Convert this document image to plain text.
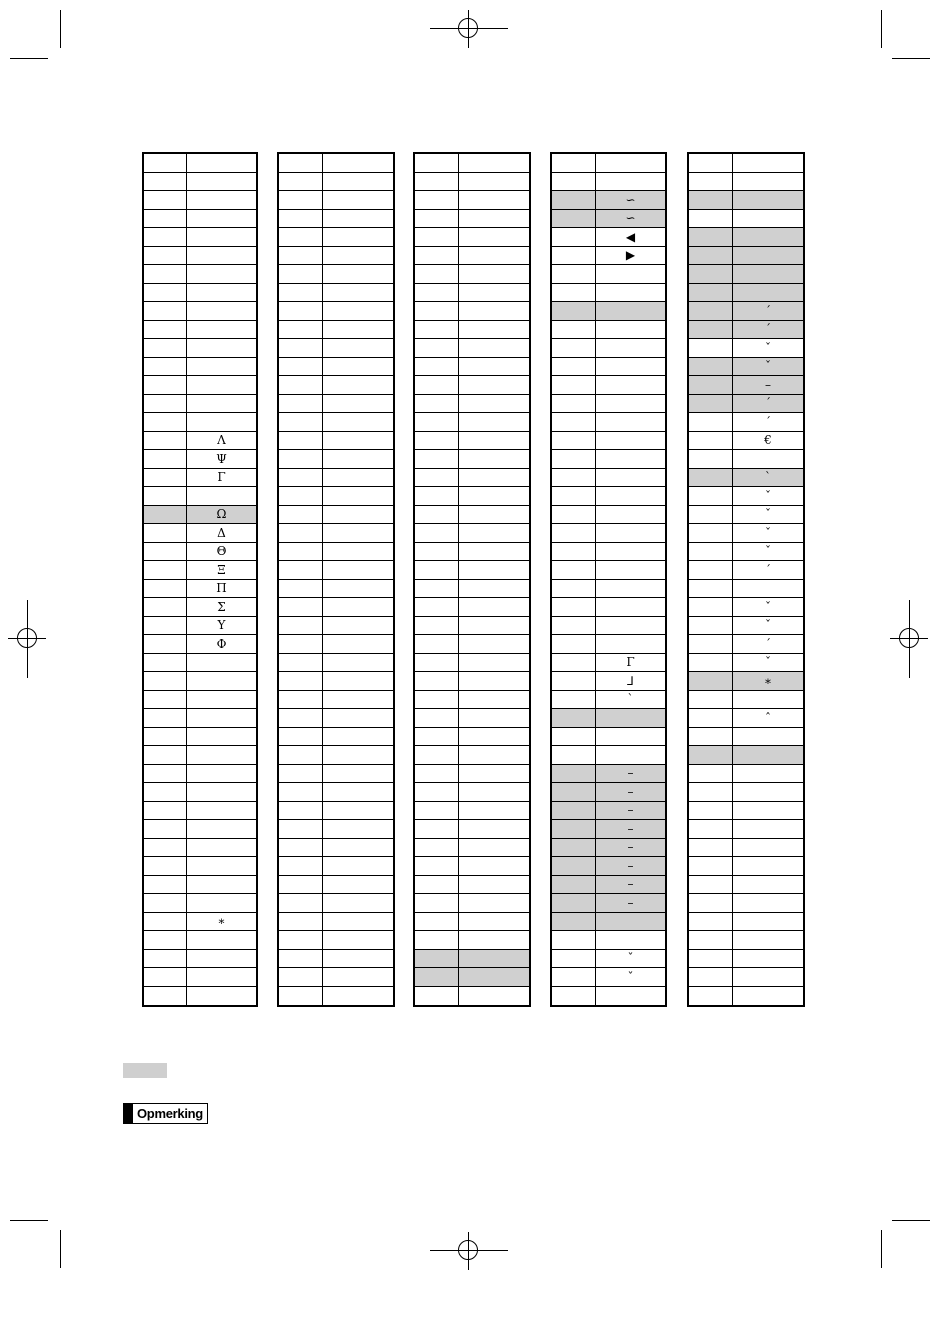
Λ
Ψ
Γ
Ω
Δ
Θ
Ξ
Π
Σ
Υ
Φ
∗
∽
∽
◀
▶
Γ
⅃
ˋ
–
–
–
–
–
–
–
–
ˇ
ˇ
ˊ
ˊ
ˇ
ˇ
–
ˊ
ˊ
€
ˋ
ˇ
ˇ
ˇ
ˇ
ˊ
ˇ
ˇ
ˊ
ˇ
∗
ˆ
Opmerking
